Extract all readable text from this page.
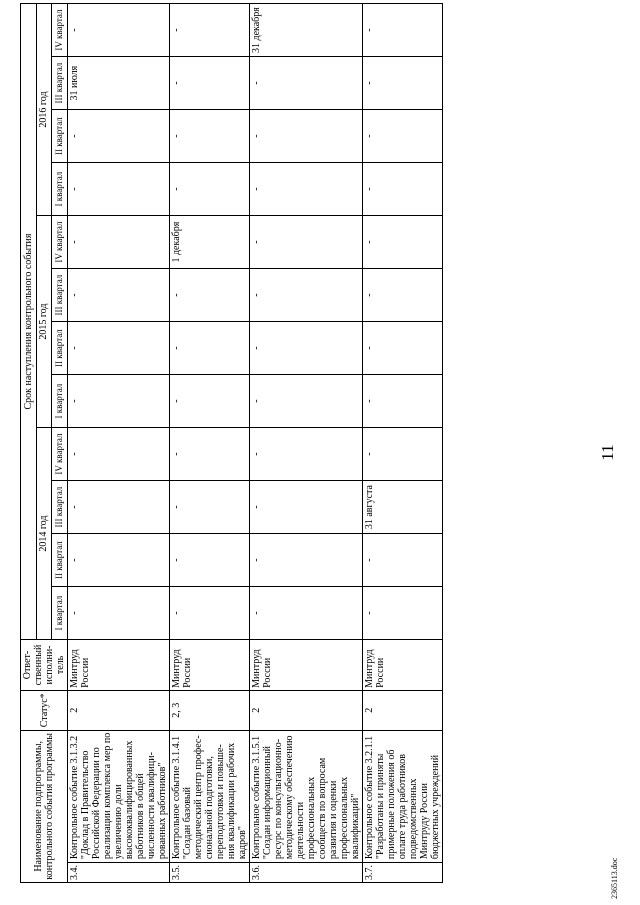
Наименование подпрограммы, контрольного события программы		Статус*	Ответ-ственный исполни-тель	Срок наступления контрольного события											
				2014 год				2015 год				2016 год			
				I квартал	II квартал	III квартал	IV квартал	I квартал	II квартал	III квартал	IV квартал	I квартал	II квартал	III квартал	IV квартал
3.4.	Контрольное событие 3.1.3.2 "Доклад в Правительство Российской Федерации по реализации комплекса мер по увеличению доли высококвалифицированных работников в общей численности квалифици-рованных работников"	2	Минтруд России	-	-	-	-	-	-	-	-	-	-	31 июля	-
3.5.	Контрольное событие 3.1.4.1 "Создан базовый методический центр профес-сиональной подготовки, переподготовки и повыше-ния квалификации рабочих кадров"	2, 3	Минтруд России	-	-	-	-	-	-	-	1 декабря	-	-	-	-
3.6.	Контрольное событие 3.1.5.1 "Создан информационный ресурс по консультационно-методическому обеспечению деятельности профессиональных сообществ по вопросам развития и оценки профессиональных квалификаций"	2	Минтруд России	-	-	-	-	-	-	-	-	-	-	-	31 декабря
3.7.	Контрольное событие 3.2.1.1 "Разработаны и приняты примерные положения об оплате труда работников подведомственных Минтруду России бюджетных учреждений	2	Минтруд России	-	-	31 августа	-	-	-	-	-	-	-	-	-
11
2365113.doc
